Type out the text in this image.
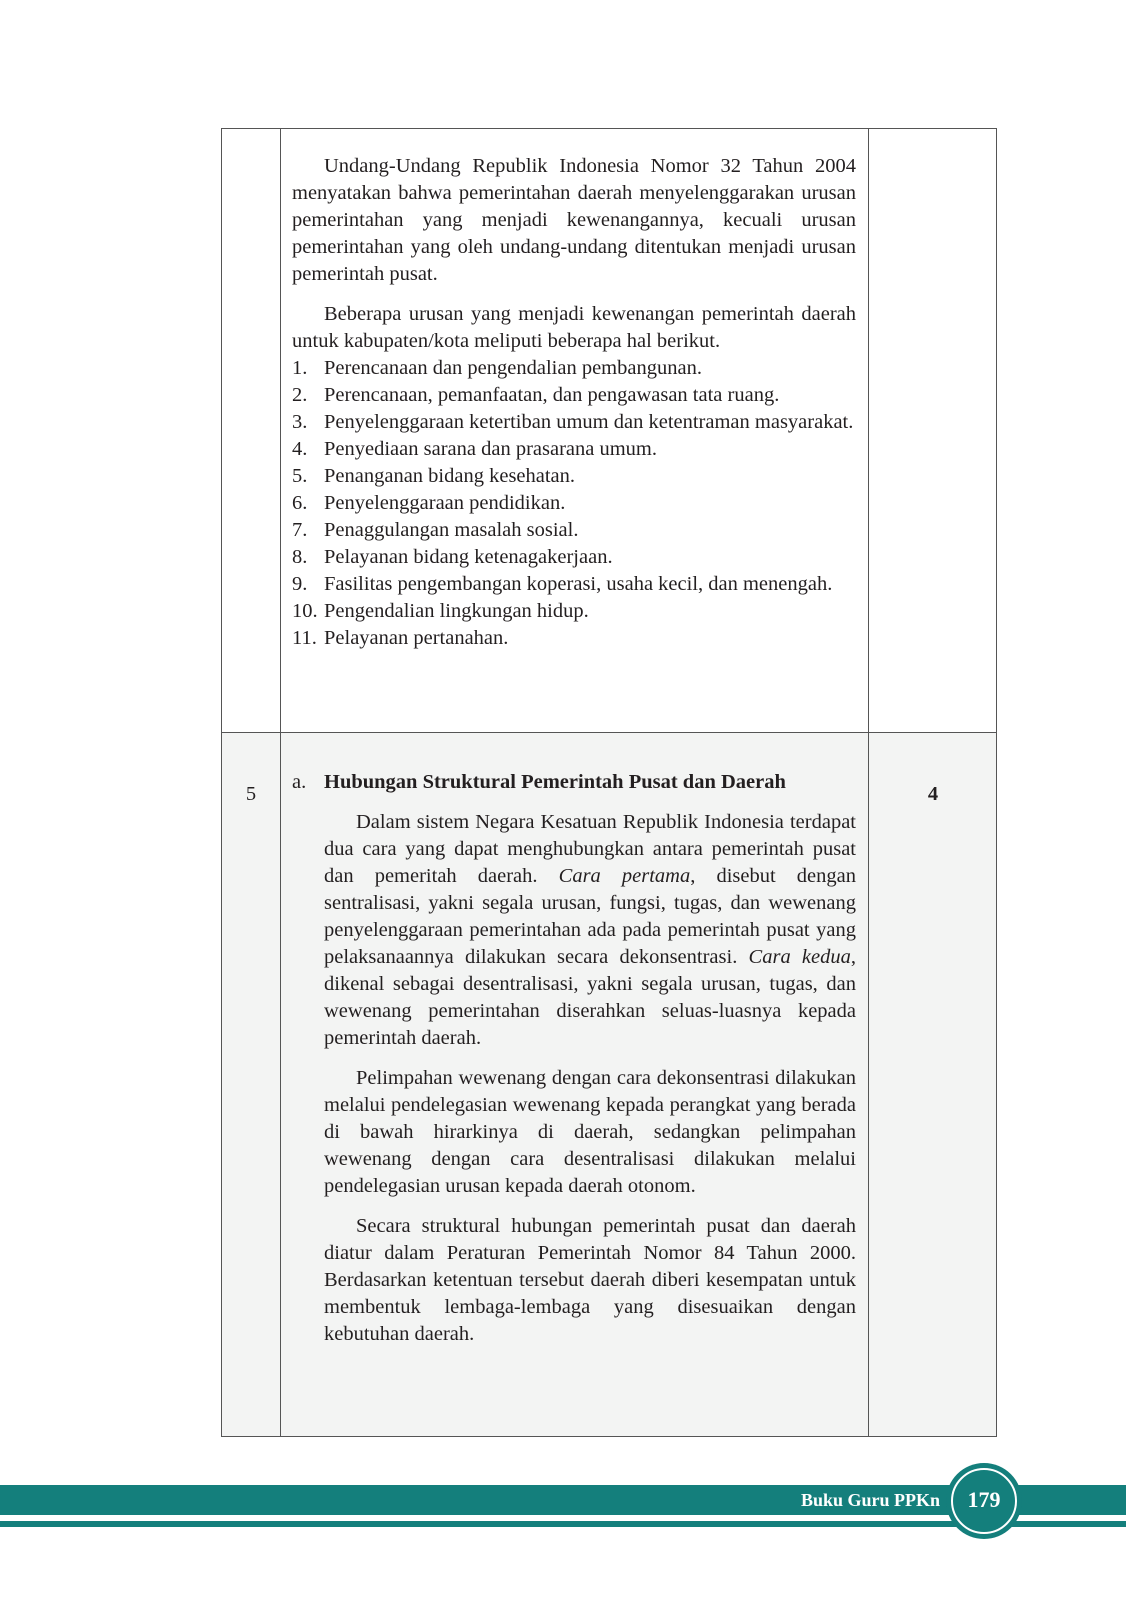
Undang-Undang Republik Indonesia Nomor 32 Tahun 2004 menyatakan bahwa pemerintahan daerah menyelenggarakan urusan pemerintahan yang menjadi kewenangannya, kecuali urusan pemerintahan yang oleh undang-undang ditentukan menjadi urusan pemerintah pusat.

Beberapa urusan yang menjadi kewenangan pemerintah daerah untuk kabupaten/kota meliputi beberapa hal berikut.

1. Perencanaan dan pengendalian pembangunan.
2. Perencanaan, pemanfaatan, dan pengawasan tata ruang.
3. Penyelenggaraan ketertiban umum dan ketentraman masyarakat.
4. Penyediaan sarana dan prasarana umum.
5. Penanganan bidang kesehatan.
6. Penyelenggaraan pendidikan.
7. Penaggulangan masalah sosial.
8. Pelayanan bidang ketenagakerjaan.
9. Fasilitas pengembangan koperasi, usaha kecil, dan menengah.
10. Pengendalian lingkungan hidup.
11. Pelayanan pertanahan.
5

a. Hubungan Struktural Pemerintah Pusat dan Daerah

Dalam sistem Negara Kesatuan Republik Indonesia terdapat dua cara yang dapat menghubungkan antara pemerintah pusat dan pemeritah daerah. Cara pertama, disebut dengan sentralisasi, yakni segala urusan, fungsi, tugas, dan wewenang penyelenggaraan pemerintahan ada pada pemerintah pusat yang pelaksanaannya dilakukan secara dekonsentrasi. Cara kedua, dikenal sebagai desentralisasi, yakni segala urusan, tugas, dan wewenang pemerintahan diserahkan seluas-luasnya kepada pemerintah daerah.

Pelimpahan wewenang dengan cara dekonsentrasi dilakukan melalui pendelegasian wewenang kepada perangkat yang berada di bawah hirarkinya di daerah, sedangkan pelimpahan wewenang dengan cara desentralisasi dilakukan melalui pendelegasian urusan kepada daerah otonom.

Secara struktural hubungan pemerintah pusat dan daerah diatur dalam Peraturan Pemerintah Nomor 84 Tahun 2000. Berdasarkan ketentuan tersebut daerah diberi kesempatan untuk membentuk lembaga-lembaga yang disesuaikan dengan kebutuhan daerah.

4
Buku Guru PPKn	179
